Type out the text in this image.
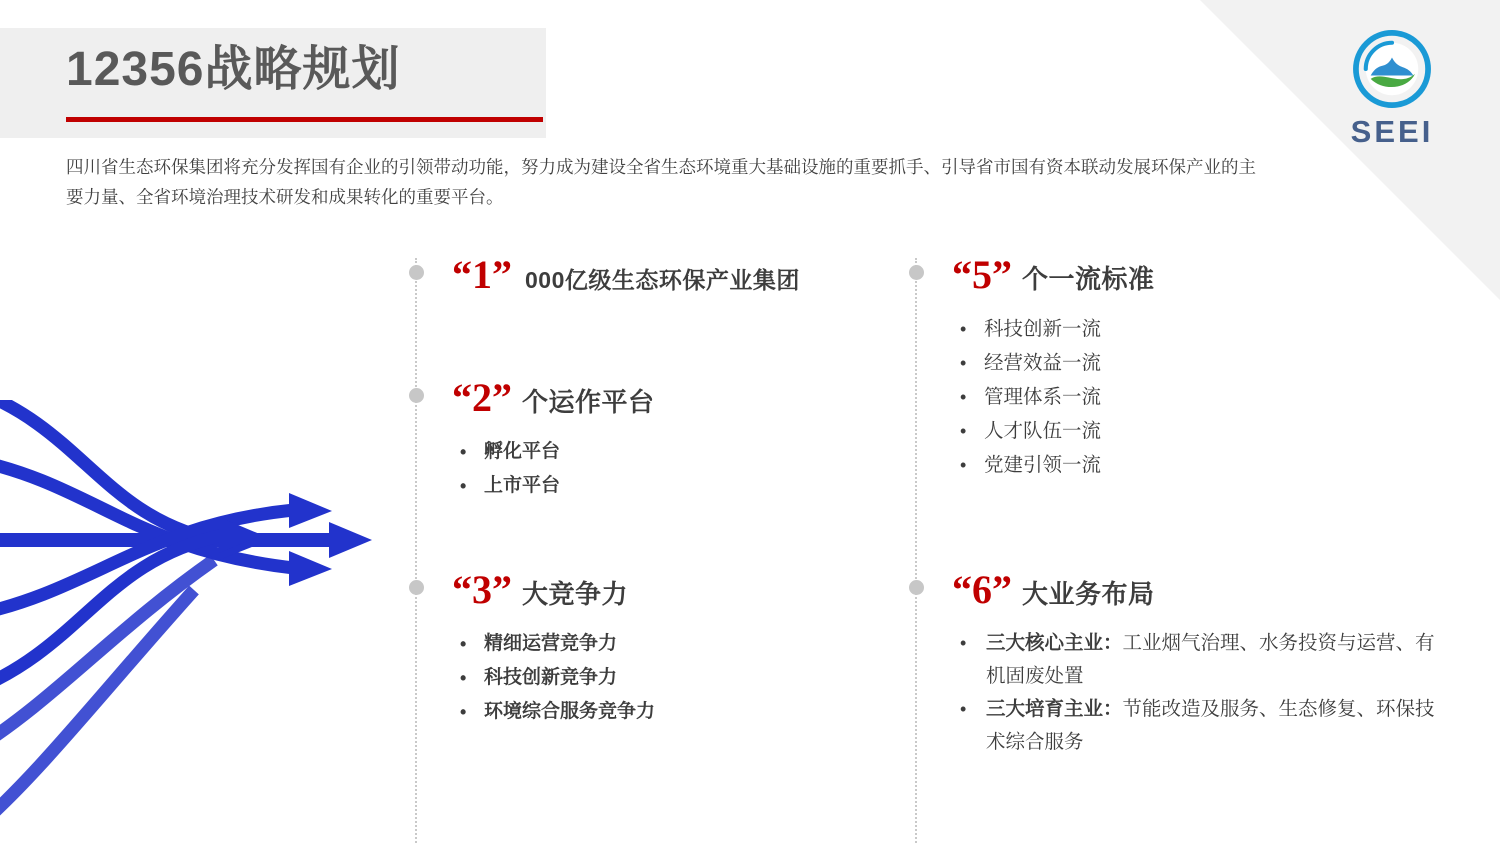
SEEI
12356战略规划
四川省生态环保集团将充分发挥国有企业的引领带动功能，努力成为建设全省生态环境重大基础设施的重要抓手、引导省市国有资本联动发展环保产业的主要力量、全省环境治理技术研发和成果转化的重要平台。
“1” 000亿级生态环保产业集团
“2” 个运作平台
• 孵化平台
• 上市平台
“3” 大竞争力
• 精细运营竞争力
• 科技创新竞争力
• 环境综合服务竞争力
“5” 个一流标准
• 科技创新一流
• 经营效益一流
• 管理体系一流
• 人才队伍一流
• 党建引领一流
“6” 大业务布局
• 三大核心主业：工业烟气治理、水务投资与运营、有机固废处置
• 三大培育主业：节能改造及服务、生态修复、环保技术综合服务
